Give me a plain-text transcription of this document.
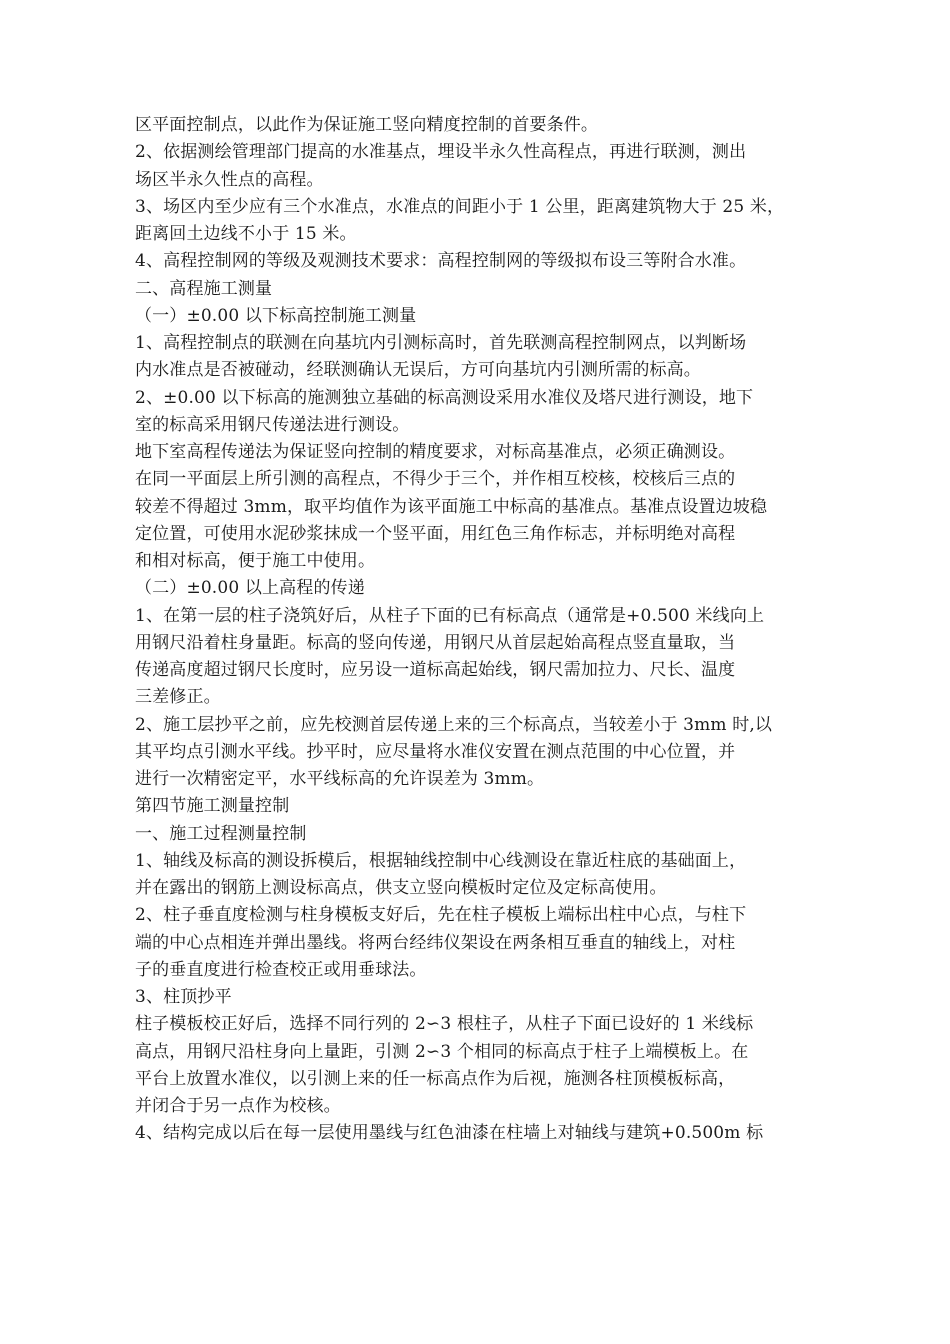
区平面控制点，以此作为保证施工竖向精度控制的首要条件。
2、依据测绘管理部门提高的水准基点，埋设半永久性高程点，再进行联测，测出
场区半永久性点的高程。
3、场区内至少应有三个水准点，水准点的间距小于 1 公里，距离建筑物大于 25 米，
距离回土边线不小于 15 米。
4、高程控制网的等级及观测技术要求：高程控制网的等级拟布设三等附合水准。
二、高程施工测量
（一）±0.00 以下标高控制施工测量
1、高程控制点的联测在向基坑内引测标高时，首先联测高程控制网点，以判断场
内水准点是否被碰动，经联测确认无误后，方可向基坑内引测所需的标高。
2、±0.00 以下标高的施测独立基础的标高测设采用水准仪及塔尺进行测设，地下
室的标高采用钢尺传递法进行测设。
地下室高程传递法为保证竖向控制的精度要求，对标高基准点，必须正确测设。
在同一平面层上所引测的高程点，不得少于三个，并作相互校核，校核后三点的
较差不得超过 3mm，取平均值作为该平面施工中标高的基准点。基准点设置边坡稳
定位置，可使用水泥砂浆抹成一个竖平面，用红色三角作标志，并标明绝对高程
和相对标高，便于施工中使用。
（二）±0.00 以上高程的传递
1、在第一层的柱子浇筑好后，从柱子下面的已有标高点（通常是+0.500 米线向上
用钢尺沿着柱身量距。标高的竖向传递，用钢尺从首层起始高程点竖直量取，当
传递高度超过钢尺长度时，应另设一道标高起始线，钢尺需加拉力、尺长、温度
三差修正。
2、施工层抄平之前，应先校测首层传递上来的三个标高点，当较差小于 3mm 时,以
其平均点引测水平线。抄平时，应尽量将水准仪安置在测点范围的中心位置，并
进行一次精密定平，水平线标高的允许误差为 3mm。
第四节施工测量控制
一、施工过程测量控制
1、轴线及标高的测设拆模后，根据轴线控制中心线测设在靠近柱底的基础面上，
并在露出的钢筋上测设标高点，供支立竖向模板时定位及定标高使用。
2、柱子垂直度检测与柱身模板支好后，先在柱子模板上端标出柱中心点，与柱下
端的中心点相连并弹出墨线。将两台经纬仪架设在两条相互垂直的轴线上，对柱
子的垂直度进行检查校正或用垂球法。
3、柱顶抄平
柱子模板校正好后，选择不同行列的 2∽3 根柱子，从柱子下面已设好的 1 米线标
高点，用钢尺沿柱身向上量距，引测 2∽3 个相同的标高点于柱子上端模板上。在
平台上放置水准仪，以引测上来的任一标高点作为后视，施测各柱顶模板标高，
并闭合于另一点作为校核。
4、结构完成以后在每一层使用墨线与红色油漆在柱墙上对轴线与建筑+0.500m 标
